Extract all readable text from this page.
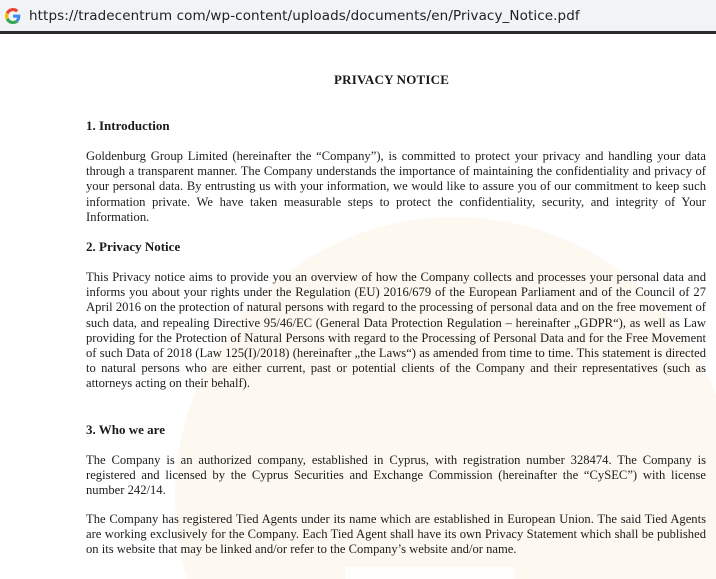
https://tradecentrum com/wp-content/uploads/documents/en/Privacy_Notice.pdf
PRIVACY NOTICE
1. Introduction
Goldenburg Group Limited (hereinafter the “Company”), is committed to protect your privacy and handling your data through a transparent manner. The Company understands the importance of maintaining the confidentiality and privacy of your personal data. By entrusting us with your information, we would like to assure you of our commitment to keep such information private. We have taken measurable steps to protect the confidentiality, security, and integrity of Your Information.
2. Privacy Notice
This Privacy notice aims to provide you an overview of how the Company collects and processes your personal data and informs you about your rights under the Regulation (EU) 2016/679 of the European Parliament and of the Council of 27 April 2016 on the protection of natural persons with regard to the processing of personal data and on the free movement of such data, and repealing Directive 95/46/EC (General Data Protection Regulation – hereinafter „GDPR“), as well as Law providing for the Protection of Natural Persons with regard to the Processing of Personal Data and for the Free Movement of such Data of 2018 (Law 125(I)/2018) (hereinafter „the Laws“) as amended from time to time. This statement is directed to natural persons who are either current, past or potential clients of the Company and their representatives (such as attorneys acting on their behalf).
3. Who we are
The Company is an authorized company, established in Cyprus, with registration number 328474. The Company is registered and licensed by the Cyprus Securities and Exchange Commission (hereinafter the “CySEC”) with license number 242/14.
The Company has registered Tied Agents under its name which are established in European Union. The said Tied Agents are working exclusively for the Company. Each Tied Agent shall have its own Privacy Statement which shall be published on its website that may be linked and/or refer to the Company’s website and/or name.
